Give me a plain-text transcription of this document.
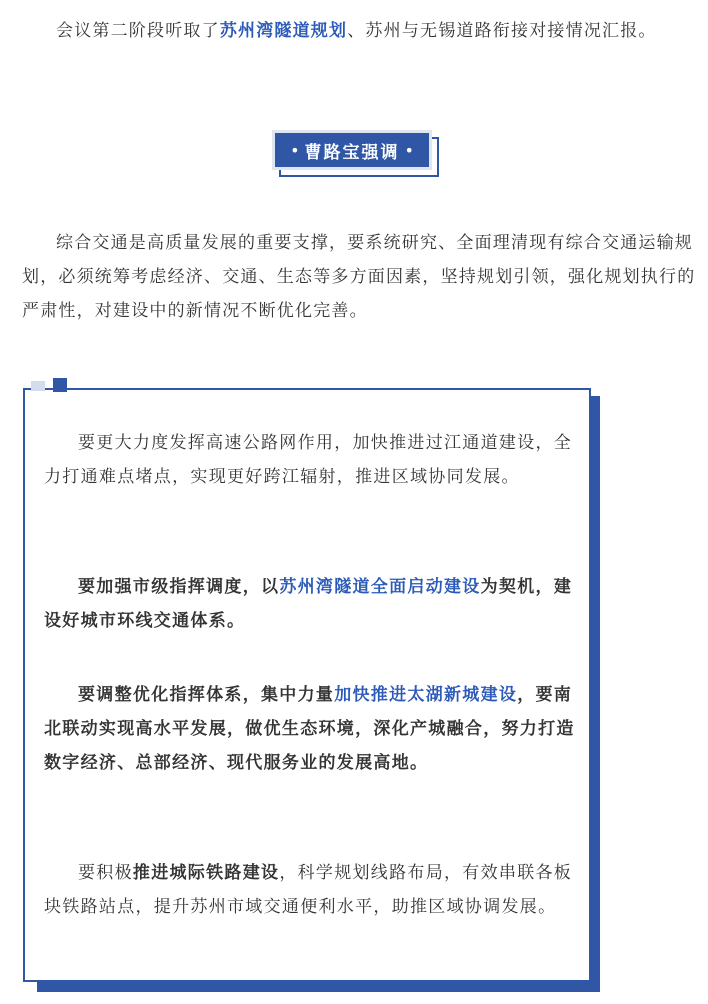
会议第二阶段听取了苏州湾隧道规划、苏州与无锡道路衔接对接情况汇报。

• 曹路宝强调 •

综合交通是高质量发展的重要支撑，要系统研究、全面理清现有综合交通运输规划，必须统筹考虑经济、交通、生态等多方面因素，坚持规划引领，强化规划执行的严肃性，对建设中的新情况不断优化完善。

要更大力度发挥高速公路网作用，加快推进过江通道建设，全力打通难点堵点，实现更好跨江辐射，推进区域协同发展。

要加强市级指挥调度，以苏州湾隧道全面启动建设为契机，建设好城市环线交通体系。

要调整优化指挥体系，集中力量加快推进太湖新城建设，要南北联动实现高水平发展，做优生态环境，深化产城融合，努力打造数字经济、总部经济、现代服务业的发展高地。

要积极推进城际铁路建设，科学规划线路布局，有效串联各板块铁路站点，提升苏州市域交通便利水平，助推区域协调发展。
